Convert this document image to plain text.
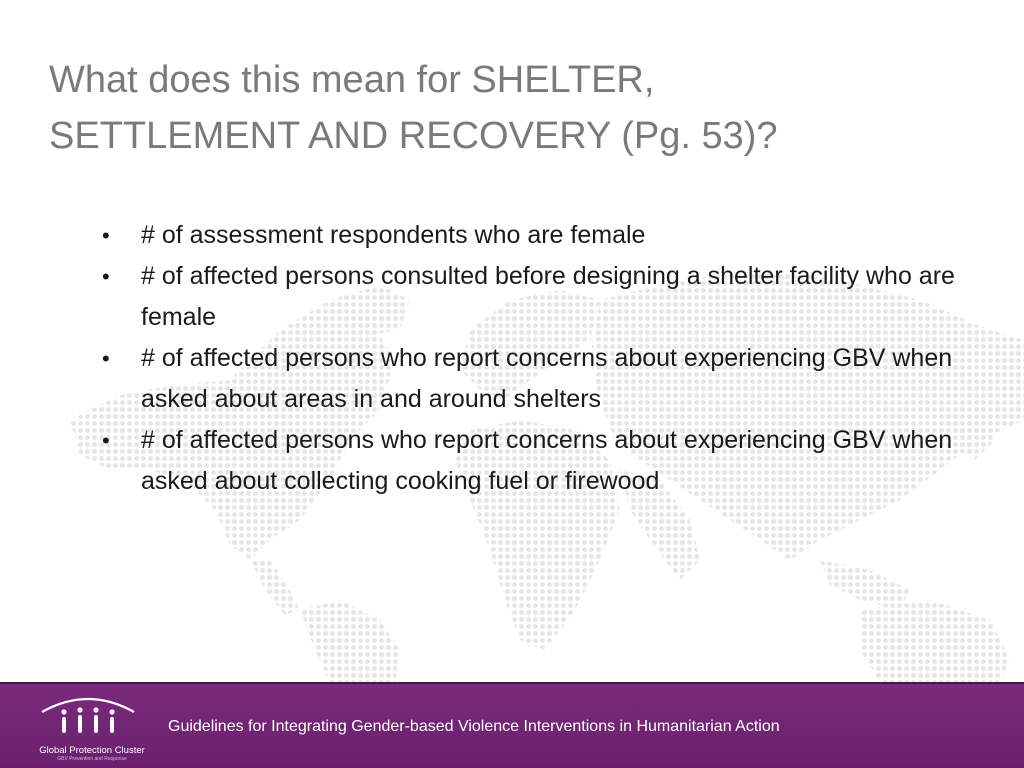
What does this mean for SHELTER,
SETTLEMENT AND RECOVERY (Pg. 53)?
• # of assessment respondents who are female
• # of affected persons consulted before designing a shelter facility who are female
• # of affected persons who report concerns about experiencing GBV when asked about areas in and around shelters
• # of affected persons who report concerns about experiencing GBV when asked about collecting cooking fuel or firewood
Global Protection Cluster
GBV Prevention and Response
Guidelines for Integrating Gender-based Violence Interventions in Humanitarian Action
